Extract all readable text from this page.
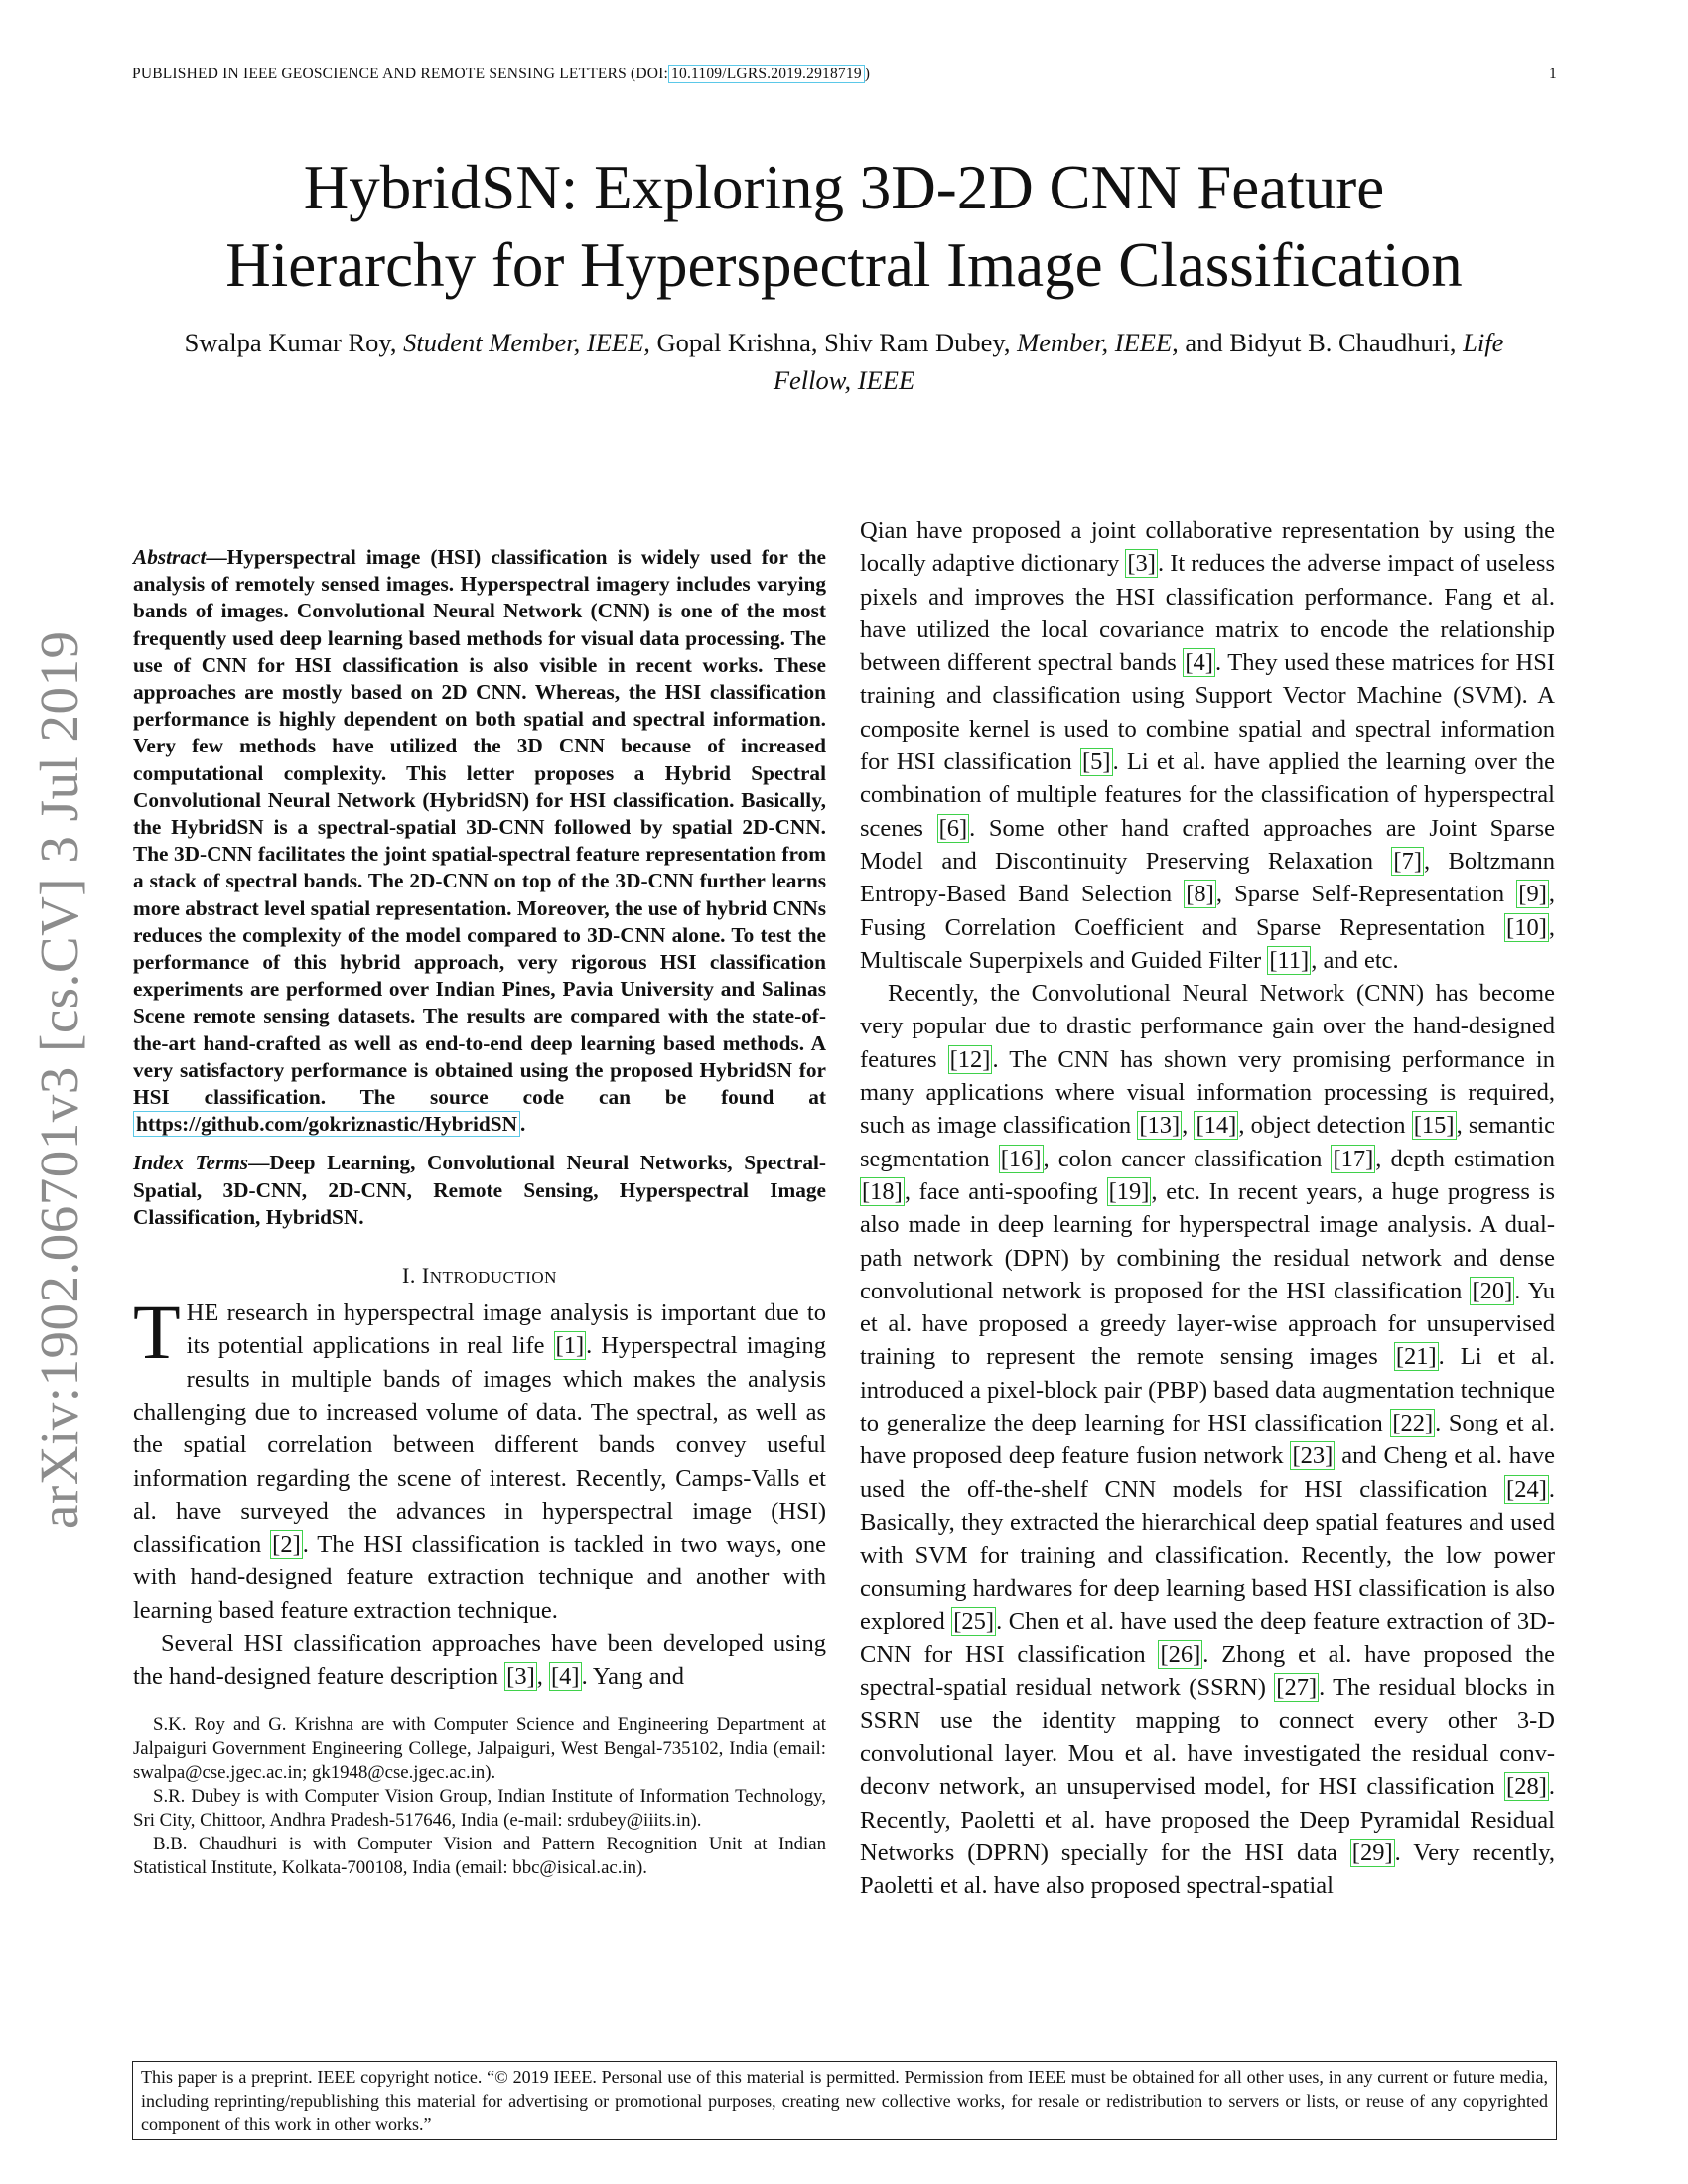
PUBLISHED IN IEEE GEOSCIENCE AND REMOTE SENSING LETTERS (DOI: 10.1109/LGRS.2019.2918719 )	1
arXiv:1902.06701v3 [cs.CV] 3 Jul 2019
HybridSN: Exploring 3D-2D CNN Feature
Hierarchy for Hyperspectral Image Classification
Swalpa Kumar Roy, Student Member, IEEE, Gopal Krishna, Shiv Ram Dubey, Member, IEEE, and Bidyut B. Chaudhuri, Life Fellow, IEEE
Abstract—Hyperspectral image (HSI) classification is widely used for the analysis of remotely sensed images. Hyperspectral imagery includes varying bands of images. Convolutional Neural Network (CNN) is one of the most frequently used deep learning based methods for visual data processing. The use of CNN for HSI classification is also visible in recent works. These approaches are mostly based on 2D CNN. Whereas, the HSI classification performance is highly dependent on both spatial and spectral information. Very few methods have utilized the 3D CNN because of increased computational complexity. This letter proposes a Hybrid Spectral Convolutional Neural Network (HybridSN) for HSI classification. Basically, the HybridSN is a spectral-spatial 3D-CNN followed by spatial 2D-CNN. The 3D-CNN facilitates the joint spatial-spectral feature representation from a stack of spectral bands. The 2D-CNN on top of the 3D-CNN further learns more abstract level spatial representation. Moreover, the use of hybrid CNNs reduces the complexity of the model compared to 3D-CNN alone. To test the performance of this hybrid approach, very rigorous HSI classification experiments are performed over Indian Pines, Pavia University and Salinas Scene remote sensing datasets. The results are compared with the state-of-the-art hand-crafted as well as end-to-end deep learning based methods. A very satisfactory performance is obtained using the proposed HybridSN for HSI classification. The source code can be found at https://github.com/gokriznastic/HybridSN .
Index Terms—Deep Learning, Convolutional Neural Networks, Spectral-Spatial, 3D-CNN, 2D-CNN, Remote Sensing, Hyperspectral Image Classification, HybridSN.
I. INTRODUCTION

THE research in hyperspectral image analysis is important due to its potential applications in real life [1]. Hyperspectral imaging results in multiple bands of images which makes the analysis challenging due to increased volume of data. The spectral, as well as the spatial correlation between different bands convey useful information regarding the scene of interest. Recently, Camps-Valls et al. have surveyed the advances in hyperspectral image (HSI) classification [2]. The HSI classification is tackled in two ways, one with hand-designed feature extraction technique and another with learning based feature extraction technique.

Several HSI classification approaches have been developed using the hand-designed feature description [3], [4]. Yang and

S.K. Roy and G. Krishna are with Computer Science and Engineering Department at Jalpaiguri Government Engineering College, Jalpaiguri, West Bengal-735102, India (email: swalpa@cse.jgec.ac.in; gk1948@cse.jgec.ac.in).

S.R. Dubey is with Computer Vision Group, Indian Institute of Information Technology, Sri City, Chittoor, Andhra Pradesh-517646, India (e-mail: srdubey@iiits.in).

B.B. Chaudhuri is with Computer Vision and Pattern Recognition Unit at Indian Statistical Institute, Kolkata-700108, India (email: bbc@isical.ac.in).

Qian have proposed a joint collaborative representation by using the locally adaptive dictionary [3]. It reduces the adverse impact of useless pixels and improves the HSI classification performance. Fang et al. have utilized the local covariance matrix to encode the relationship between different spectral bands [4]. They used these matrices for HSI training and classification using Support Vector Machine (SVM). A composite kernel is used to combine spatial and spectral information for HSI classification [5]. Li et al. have applied the learning over the combination of multiple features for the classification of hyperspectral scenes [6]. Some other hand crafted approaches are Joint Sparse Model and Discontinuity Preserving Relaxation [7], Boltzmann Entropy-Based Band Selection [8], Sparse Self-Representation [9], Fusing Correlation Coefficient and Sparse Representation [10], Multiscale Superpixels and Guided Filter [11], and etc.

Recently, the Convolutional Neural Network (CNN) has become very popular due to drastic performance gain over the hand-designed features [12]. The CNN has shown very promising performance in many applications where visual information processing is required, such as image classification [13], [14], object detection [15], semantic segmentation [16], colon cancer classification [17], depth estimation [18], face anti-spoofing [19], etc. In recent years, a huge progress is also made in deep learning for hyperspectral image analysis. A dual-path network (DPN) by combining the residual network and dense convolutional network is proposed for the HSI classification [20]. Yu et al. have proposed a greedy layer-wise approach for unsupervised training to represent the remote sensing images [21]. Li et al. introduced a pixel-block pair (PBP) based data augmentation technique to generalize the deep learning for HSI classification [22]. Song et al. have proposed deep feature fusion network [23] and Cheng et al. have used the off-the-shelf CNN models for HSI classification [24]. Basically, they extracted the hierarchical deep spatial features and used with SVM for training and classification. Recently, the low power consuming hardwares for deep learning based HSI classification is also explored [25]. Chen et al. have used the deep feature extraction of 3D-CNN for HSI classification [26]. Zhong et al. have proposed the spectral-spatial residual network (SSRN) [27]. The residual blocks in SSRN use the identity mapping to connect every other 3-D convolutional layer. Mou et al. have investigated the residual conv-deconv network, an unsupervised model, for HSI classification [28]. Recently, Paoletti et al. have proposed the Deep Pyramidal Residual Networks (DPRN) specially for the HSI data [29]. Very recently, Paoletti et al. have also proposed spectral-spatial

This paper is a preprint. IEEE copyright notice. “© 2019 IEEE. Personal use of this material is permitted. Permission from IEEE must be obtained for all other uses, in any current or future media, including reprinting/republishing this material for advertising or promotional purposes, creating new collective works, for resale or redistribution to servers or lists, or reuse of any copyrighted component of this work in other works.”
